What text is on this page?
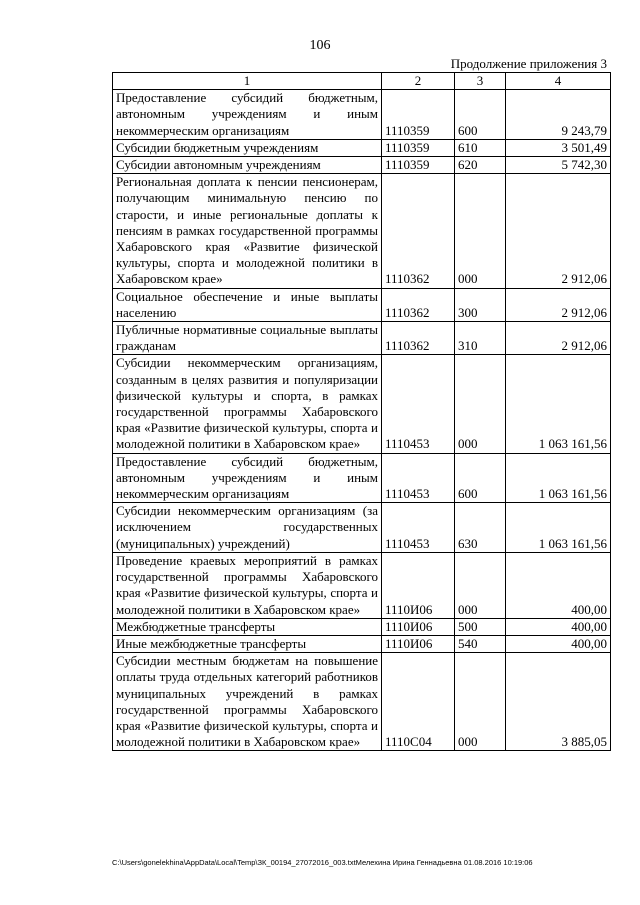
106
Продолжение приложения 3
1	2	3	4
Предоставление субсидий бюджетным, автономным учреждениям и иным некоммерческим организациям	1110359	600	9 243,79
Субсидии бюджетным учреждениям	1110359	610	3 501,49
Субсидии автономным учреждениям	1110359	620	5 742,30
Региональная доплата к пенсии пенсионерам, получающим минимальную пенсию по старости, и иные региональные доплаты к пенсиям в рамках государственной программы Хабаровского края «Развитие физической культуры, спорта и молодежной политики в Хабаровском крае»	1110362	000	2 912,06
Социальное обеспечение и иные выплаты населению	1110362	300	2 912,06
Публичные нормативные социальные выплаты гражданам	1110362	310	2 912,06
Субсидии некоммерческим организациям, созданным в целях развития и популяризации физической культуры и спорта, в рамках государственной программы Хабаровского края «Развитие физической культуры, спорта и молодежной политики в Хабаровском крае»	1110453	000	1 063 161,56
Предоставление субсидий бюджетным, автономным учреждениям и иным некоммерческим организациям	1110453	600	1 063 161,56
Субсидии некоммерческим организациям (за исключением государственных (муниципальных) учреждений)	1110453	630	1 063 161,56
Проведение краевых мероприятий в рамках государственной программы Хабаровского края «Развитие физической культуры, спорта и молодежной политики в Хабаровском крае»	1110И06	000	400,00
Межбюджетные трансферты	1110И06	500	400,00
Иные межбюджетные трансферты	1110И06	540	400,00
Субсидии местным бюджетам на повышение оплаты труда отдельных категорий работников муниципальных учреждений в рамках государственной программы Хабаровского края «Развитие физической культуры, спорта и молодежной политики в Хабаровском крае»	1110С04	000	3 885,05
C:\Users\gonelekhina\AppData\Local\Temp\ЗК_00194_27072016_003.txtМелехина Ирина Геннадьевна 01.08.2016 10:19:06
